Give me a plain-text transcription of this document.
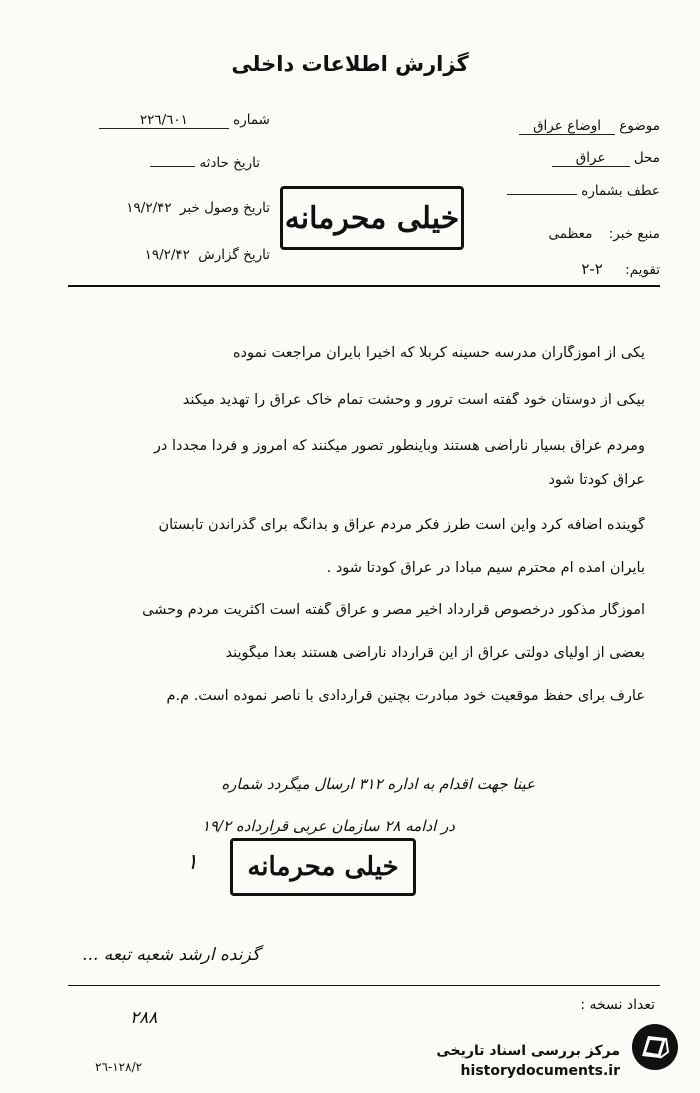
گزارش اطلاعات داخلی
موضوع اوضاع عراق
محل عراق
عطف بشماره
منبع خبر: معظمی
تقویم: ۲-۲
شماره ۲۲٦/٦۰۱
تاریخ حادثه
تاریخ وصول خبر ۱۹/۲/۴۲
تاریخ گزارش ۱۹/۲/۴۲
خیلی محرمانه
یکی از آموزگاران مدرسه حسینه کربلا که اخیرا بایران مراجعت نموده
بیکی از دوستان خود گفته است ترور و وحشت تمام خاک عراق را تهدید میکند
ومردم عراق بسیار ناراضی هستند وباینطور تصور میکنند که امروز و فردا مجدداً در
عراق کودتا شود
گوینده اضافه کرد واین است طرز فکر مردم عراق و بدانگه برای گذراندن تابستان
بایران آمده ام محترم سیم مبادا در عراق کودتا شود .
آموزگار مذکور درخصوص قرارداد اخیر مصر و عراق گفته است اکثریت مردم وحشی
بعضی از اولیای دولتی عراق از این قرارداد ناراضی هستند بعدا میگویند
عارف برای حفظ موقعیت خود مبادرت بچنین قراردادی با ناصر نموده است. م.م
عینا جهت اقدام به اداره ۳۱۲ ارسال میگردد شماره
در ادامه ۲۸ سازمان عربی قرارداده ۱۹/۲
خیلی محرمانه
۱
گزنده ارشد شعبه تبعه ...
تعداد نسخه :
۲۸۸
۲٦-۱۲۸/۲
مرکز بررسی اسناد تاریخی
historydocuments.ir
